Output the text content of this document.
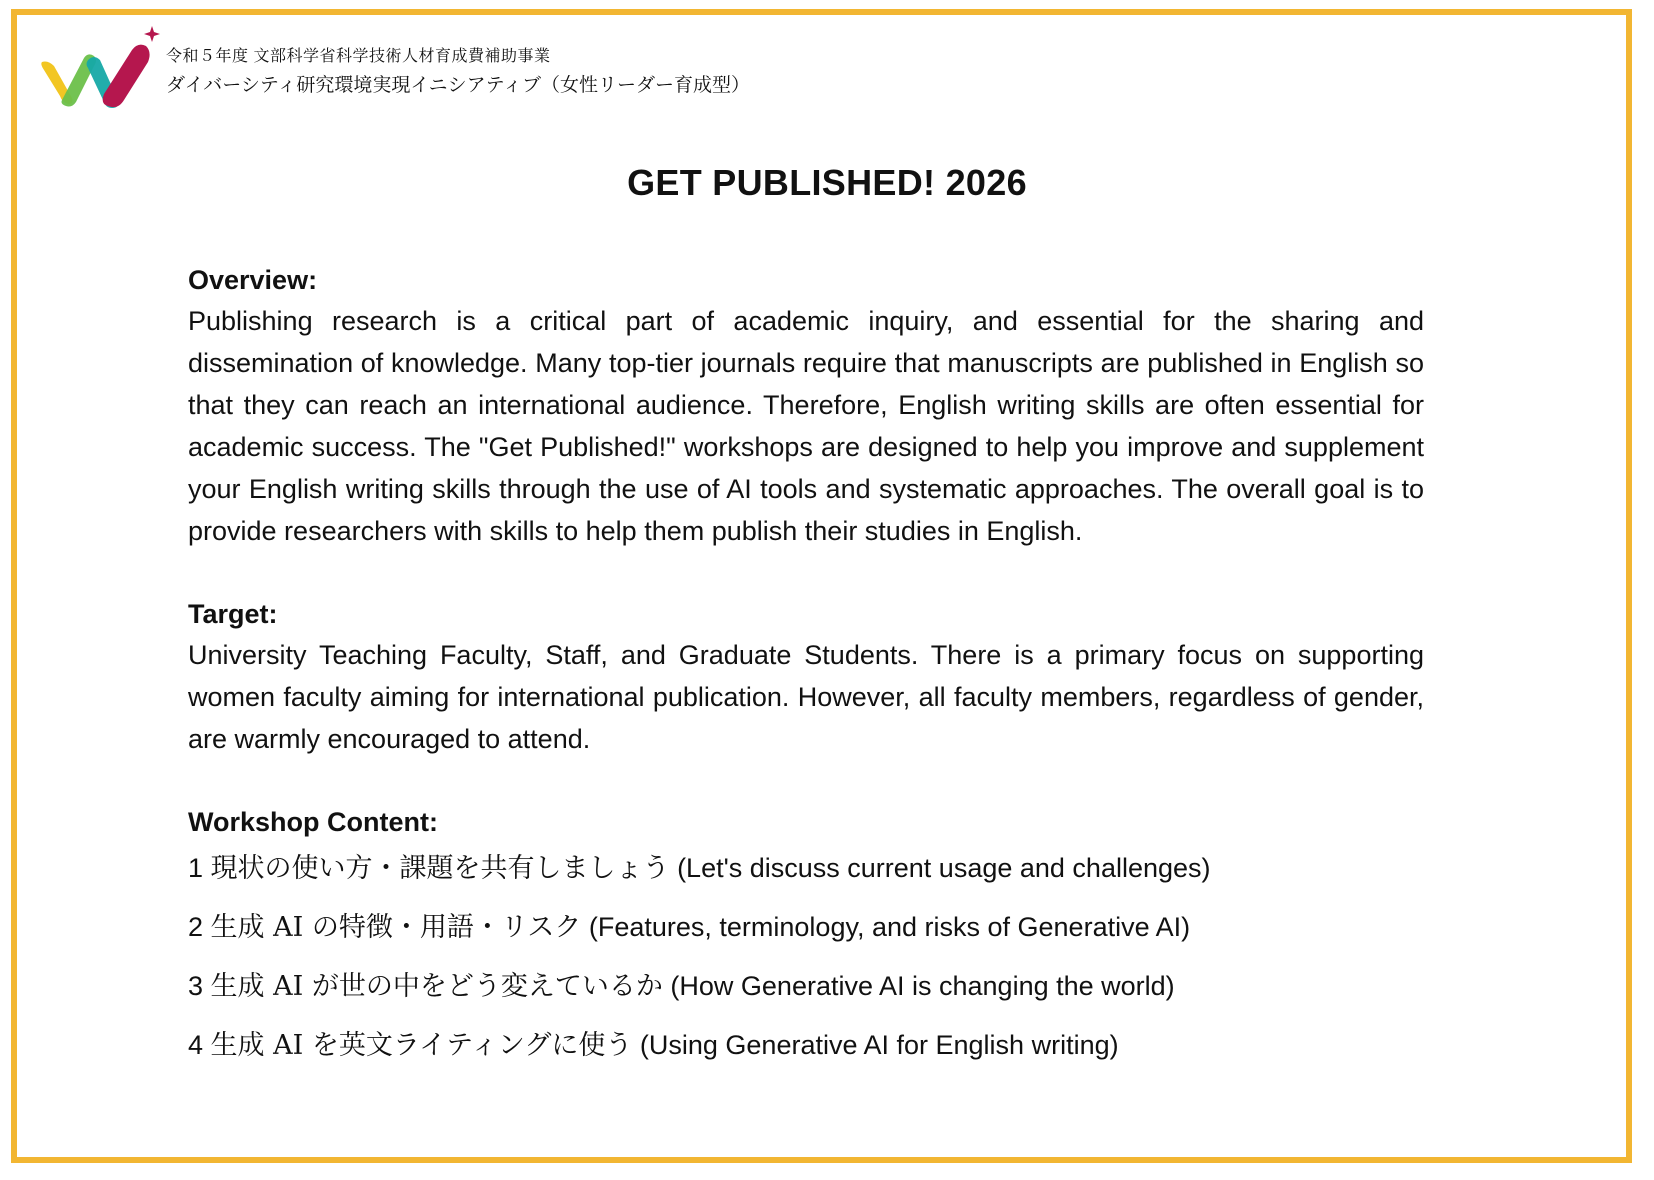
令和５年度 文部科学省科学技術人材育成費補助事業
ダイバーシティ研究環境実現イニシアティブ（女性リーダー育成型）
GET PUBLISHED! 2026

Overview:

Publishing research is a critical part of academic inquiry, and essential for the sharing and dissemination of knowledge. Many top-tier journals require that manuscripts are published in English so that they can reach an international audience. Therefore, English writing skills are often essential for academic success. The "Get Published!" workshops are designed to help you improve and supplement your English writing skills through the use of AI tools and systematic approaches. The overall goal is to provide researchers with skills to help them publish their studies in English.

Target:

University Teaching Faculty, Staff, and Graduate Students. There is a primary focus on supporting women faculty aiming for international publication. However, all faculty members, regardless of gender, are warmly encouraged to attend.

Workshop Content:

1 現状の使い方・課題を共有しましょう (Let's discuss current usage and challenges)
2 生成 AI の特徴・用語・リスク (Features, terminology, and risks of Generative AI)
3 生成 AI が世の中をどう変えているか (How Generative AI is changing the world)
4 生成 AI を英文ライティングに使う (Using Generative AI for English writing)
